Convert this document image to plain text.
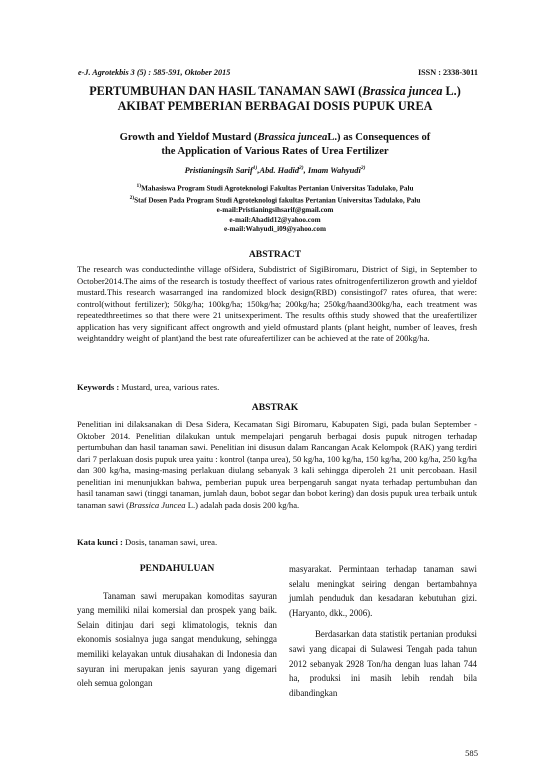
e-J. Agrotekbis 3 (5) : 585-591, Oktober 2015	ISSN : 2338-3011
PERTUMBUHAN DAN HASIL TANAMAN SAWI (Brassica juncea L.)
AKIBAT PEMBERIAN BERBAGAI DOSIS PUPUK UREA
Growth and Yieldof Mustard (Brassica junceaL.) as Consequences of
the Application of Various Rates of Urea Fertilizer
Pristianingsih Sarif$^{1)}$,Abd. Hadid$^{2)}$, Imam Wahyudi$^{2)}$
$^{1)}$Mahasiswa Program Studi Agroteknologi Fakultas Pertanian Universitas Tadulako, Palu
$^{2)}$Staf Dosen Pada Program Studi Agroteknologi fakultas Pertanian Universitas Tadulako, Palu
e-mail:Pristianingsihsarif@gmail.com
e-mail:Ahadid12@yahoo.com
e-mail:Wahyudi_i09@yahoo.com
ABSTRACT
The research was conductedinthe village ofSidera, Subdistrict of SigiBiromaru, District of Sigi, in September to October2014.The aims of the research is tostudy theeffect of various rates ofnitrogenfertilizeron growth and yieldof mustard.This research wasarranged ina randomized block design(RBD) consistingof7 rates ofurea, that were: control(without fertilizer); 50kg/ha; 100kg/ha; 150kg/ha; 200kg/ha; 250kg/haand300kg/ha, each treatment was repeatedthreetimes so that there were 21 unitsexperiment. The results ofthis study showed that the ureafertilizer application has very significant affect ongrowth and yield ofmustard plants (plant height, number of leaves, fresh weightanddry weight of plant)and the best rate ofureafertilizer can be achieved at the rate of 200kg/ha.
Keywords : Mustard, urea, various rates.
ABSTRAK
Penelitian ini dilaksanakan di Desa Sidera, Kecamatan Sigi Biromaru, Kabupaten Sigi, pada bulan September - Oktober 2014. Penelitian dilakukan untuk mempelajari pengaruh berbagai dosis pupuk nitrogen terhadap pertumbuhan dan hasil tanaman sawi. Penelitian ini disusun dalam Rancangan Acak Kelompok (RAK) yang terdiri dari 7 perlakuan dosis pupuk urea yaitu : kontrol (tanpa urea), 50 kg/ha, 100 kg/ha, 150 kg/ha, 200 kg/ha, 250 kg/ha dan 300 kg/ha, masing-masing perlakuan diulang sebanyak 3 kali sehingga diperoleh 21 unit percobaan. Hasil penelitian ini menunjukkan bahwa, pemberian pupuk urea berpengaruh sangat nyata terhadap pertumbuhan dan hasil tanaman sawi (tinggi tanaman, jumlah daun, bobot segar dan bobot kering) dan dosis pupuk urea terbaik untuk tanaman sawi (Brassica Juncea L.) adalah pada dosis 200 kg/ha.
Kata kunci : Dosis, tanaman sawi, urea.
PENDAHULUAN
Tanaman sawi merupakan komoditas sayuran yang memiliki nilai komersial dan prospek yang baik. Selain ditinjau dari segi klimatologis, teknis dan ekonomis sosialnya juga sangat mendukung, sehingga memiliki kelayakan untuk diusahakan di Indonesia dan sayuran ini merupakan jenis sayuran yang digemari oleh semua golongan
masyarakat. Permintaan terhadap tanaman sawi selalu meningkat seiring dengan bertambahnya jumlah penduduk dan kesadaran kebutuhan gizi. (Haryanto, dkk., 2006).
Berdasarkan data statistik pertanian produksi sawi yang dicapai di Sulawesi Tengah pada tahun 2012 sebanyak 2928 Ton/ha dengan luas lahan 744 ha, produksi ini masih lebih rendah bila dibandingkan
585
